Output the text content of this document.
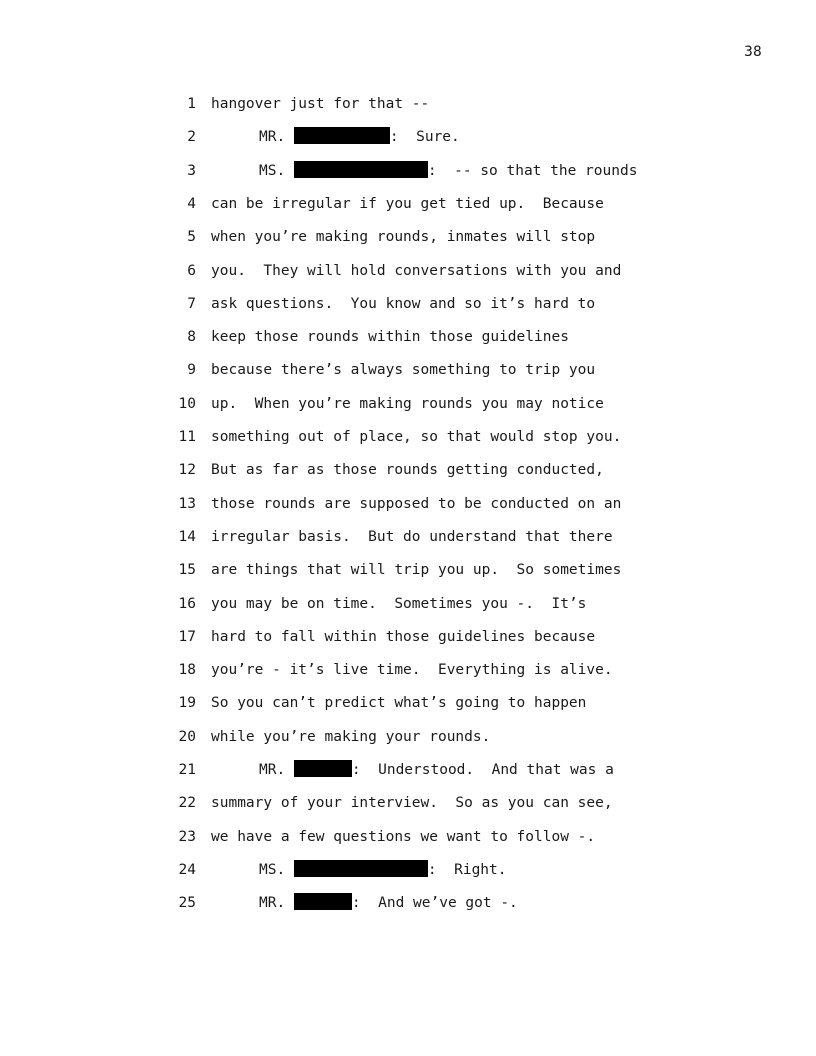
38
1 hangover just for that --
2	MR.	:  Sure.
3	MS.	:  -- so that the rounds
4 can be irregular if you get tied up.  Because
5 when you’re making rounds, inmates will stop
6 you.  They will hold conversations with you and
7 ask questions.  You know and so it’s hard to
8 keep those rounds within those guidelines
9 because there’s always something to trip you
10 up.  When you’re making rounds you may notice
11 something out of place, so that would stop you.
12 But as far as those rounds getting conducted,
13 those rounds are supposed to be conducted on an
14 irregular basis.  But do understand that there
15 are things that will trip you up.  So sometimes
16 you may be on time.  Sometimes you -.  It’s
17 hard to fall within those guidelines because
18 you’re - it’s live time.  Everything is alive.
19 So you can’t predict what’s going to happen
20 while you’re making your rounds.
21	MR.	:  Understood.  And that was a
22 summary of your interview.  So as you can see,
23 we have a few questions we want to follow -.
24	MS.	:  Right.
25	MR.	:  And we’ve got -.
